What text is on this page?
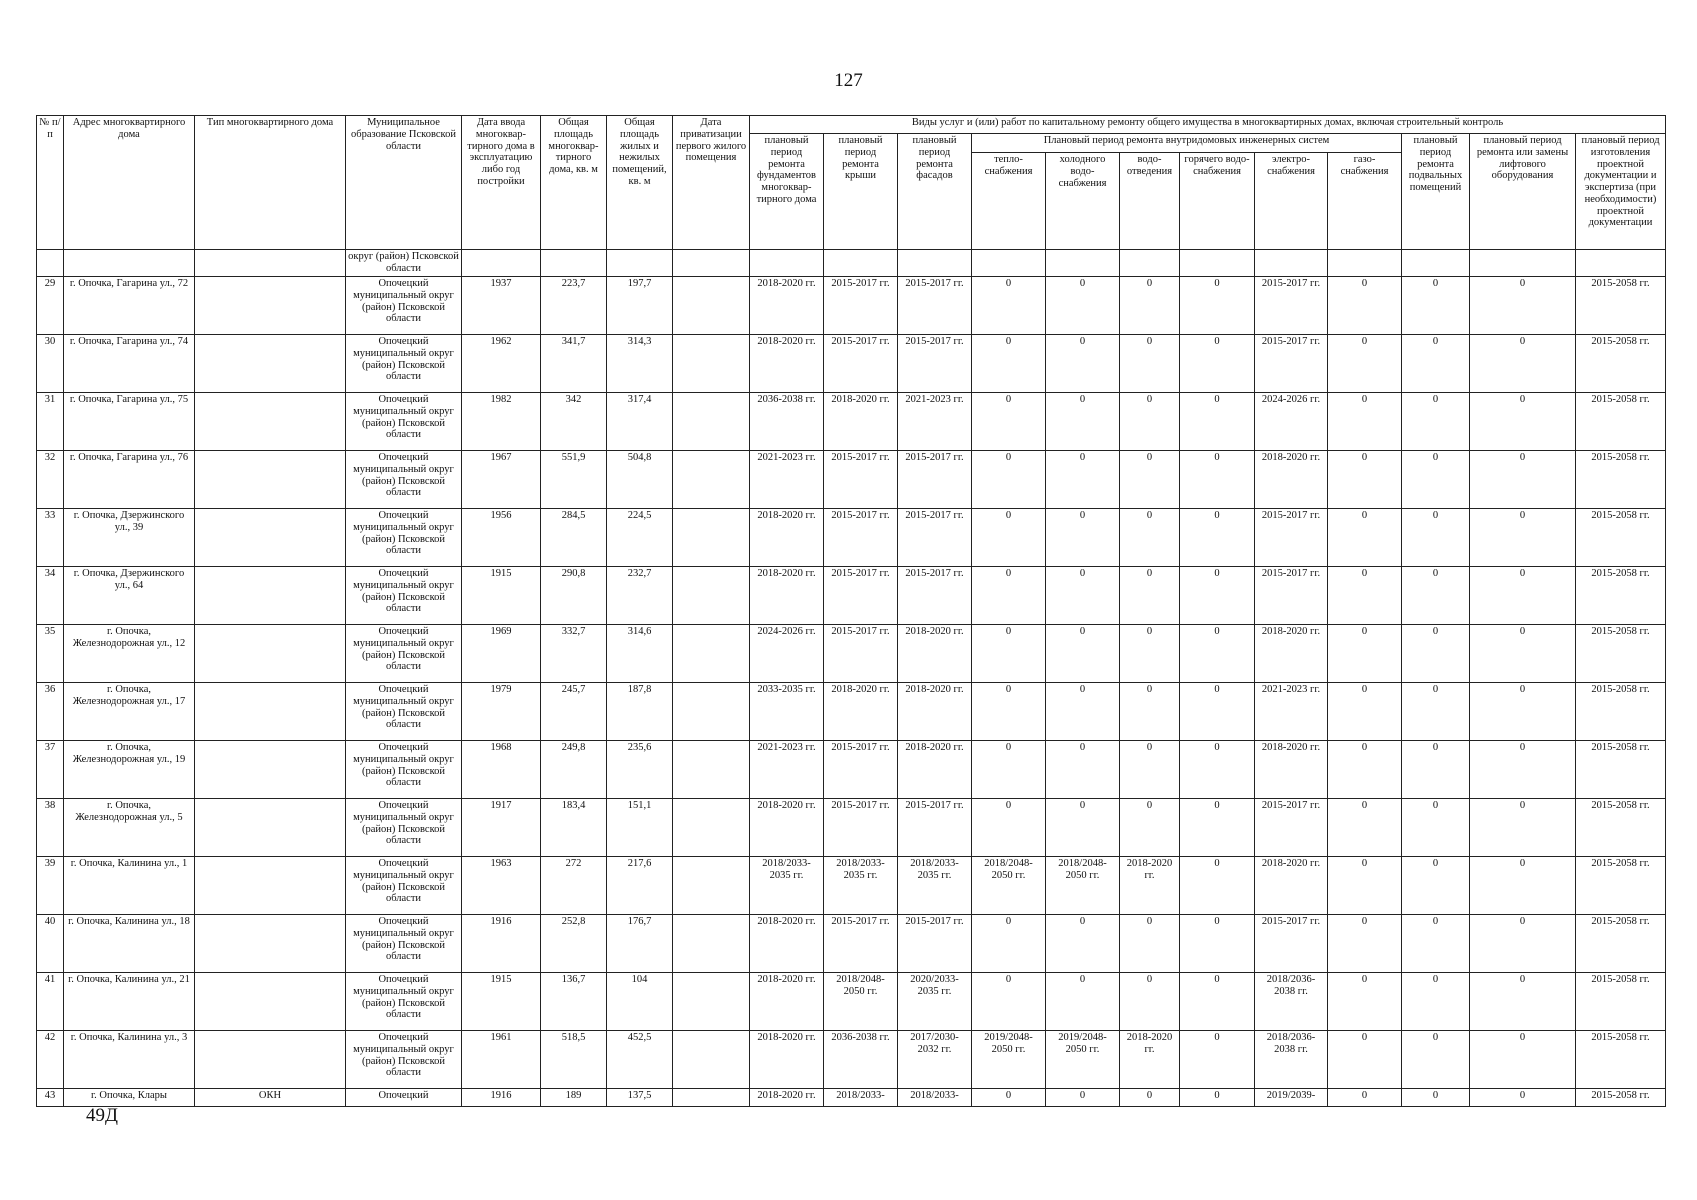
127
№ п/п	Адрес многоквартирного дома	Тип многоквартирного дома	Муниципальное образование Псковской области	Дата ввода многоквар-тирного дома в эксплуатацию либо год постройки	Общая площадь многоквар-тирного дома, кв. м	Общая площадь жилых и нежилых помещений, кв. м	Дата приватизации первого жилого помещения	Виды услуг и (или) работ по капитальному ремонту общего имущества в многоквартирных домах, включая строительный контроль											
								плановый период ремонта фундаментов многоквар-тирного дома	плановый период ремонта крыши	плановый период ремонта фасадов	Плановый период ремонта внутридомовых инженерных систем						плановый период ремонта подвальных помещений	плановый период ремонта или замены лифтового оборудования	плановый период изготовления проектной документации и экспертиза (при необходимости) проектной документации
											тепло-снабжения	холодного водо-снабжения	водо-отведения	горячего водо-снабжения	электро-снабжения	газо-снабжения			
			округ (район) Псковской области																
29	г. Опочка, Гагарина ул., 72		Опочецкий муниципальный округ (район) Псковской области	1937	223,7	197,7		2018-2020 гг.	2015-2017 гг.	2015-2017 гг.	0	0	0	0	2015-2017 гг.	0	0	0	2015-2058 гг.
30	г. Опочка, Гагарина ул., 74		Опочецкий муниципальный округ (район) Псковской области	1962	341,7	314,3		2018-2020 гг.	2015-2017 гг.	2015-2017 гг.	0	0	0	0	2015-2017 гг.	0	0	0	2015-2058 гг.
31	г. Опочка, Гагарина ул., 75		Опочецкий муниципальный округ (район) Псковской области	1982	342	317,4		2036-2038 гг.	2018-2020 гг.	2021-2023 гг.	0	0	0	0	2024-2026 гг.	0	0	0	2015-2058 гг.
32	г. Опочка, Гагарина ул., 76		Опочецкий муниципальный округ (район) Псковской области	1967	551,9	504,8		2021-2023 гг.	2015-2017 гг.	2015-2017 гг.	0	0	0	0	2018-2020 гг.	0	0	0	2015-2058 гг.
33	г. Опочка, Дзержинского ул., 39		Опочецкий муниципальный округ (район) Псковской области	1956	284,5	224,5		2018-2020 гг.	2015-2017 гг.	2015-2017 гг.	0	0	0	0	2015-2017 гг.	0	0	0	2015-2058 гг.
34	г. Опочка, Дзержинского ул., 64		Опочецкий муниципальный округ (район) Псковской области	1915	290,8	232,7		2018-2020 гг.	2015-2017 гг.	2015-2017 гг.	0	0	0	0	2015-2017 гг.	0	0	0	2015-2058 гг.
35	г. Опочка, Железнодорожная ул., 12		Опочецкий муниципальный округ (район) Псковской области	1969	332,7	314,6		2024-2026 гг.	2015-2017 гг.	2018-2020 гг.	0	0	0	0	2018-2020 гг.	0	0	0	2015-2058 гг.
36	г. Опочка, Железнодорожная ул., 17		Опочецкий муниципальный округ (район) Псковской области	1979	245,7	187,8		2033-2035 гг.	2018-2020 гг.	2018-2020 гг.	0	0	0	0	2021-2023 гг.	0	0	0	2015-2058 гг.
37	г. Опочка, Железнодорожная ул., 19		Опочецкий муниципальный округ (район) Псковской области	1968	249,8	235,6		2021-2023 гг.	2015-2017 гг.	2018-2020 гг.	0	0	0	0	2018-2020 гг.	0	0	0	2015-2058 гг.
38	г. Опочка, Железнодорожная ул., 5		Опочецкий муниципальный округ (район) Псковской области	1917	183,4	151,1		2018-2020 гг.	2015-2017 гг.	2015-2017 гг.	0	0	0	0	2015-2017 гг.	0	0	0	2015-2058 гг.
39	г. Опочка, Калинина ул., 1		Опочецкий муниципальный округ (район) Псковской области	1963	272	217,6		2018/2033-2035 гг.	2018/2033-2035 гг.	2018/2033-2035 гг.	2018/2048-2050 гг.	2018/2048-2050 гг.	2018-2020 гг.	0	2018-2020 гг.	0	0	0	2015-2058 гг.
40	г. Опочка, Калинина ул., 18		Опочецкий муниципальный округ (район) Псковской области	1916	252,8	176,7		2018-2020 гг.	2015-2017 гг.	2015-2017 гг.	0	0	0	0	2015-2017 гг.	0	0	0	2015-2058 гг.
41	г. Опочка, Калинина ул., 21		Опочецкий муниципальный округ (район) Псковской области	1915	136,7	104		2018-2020 гг.	2018/2048-2050 гг.	2020/2033-2035 гг.	0	0	0	0	2018/2036-2038 гг.	0	0	0	2015-2058 гг.
42	г. Опочка, Калинина ул., 3		Опочецкий муниципальный округ (район) Псковской области	1961	518,5	452,5		2018-2020 гг.	2036-2038 гг.	2017/2030-2032 гг.	2019/2048-2050 гг.	2019/2048-2050 гг.	2018-2020 гг.	0	2018/2036-2038 гг.	0	0	0	2015-2058 гг.
43	г. Опочка, Клары	ОКН	Опочецкий	1916	189	137,5		2018-2020 гг.	2018/2033-	2018/2033-	0	0	0	0	2019/2039-	0	0	0	2015-2058 гг.
49Д
